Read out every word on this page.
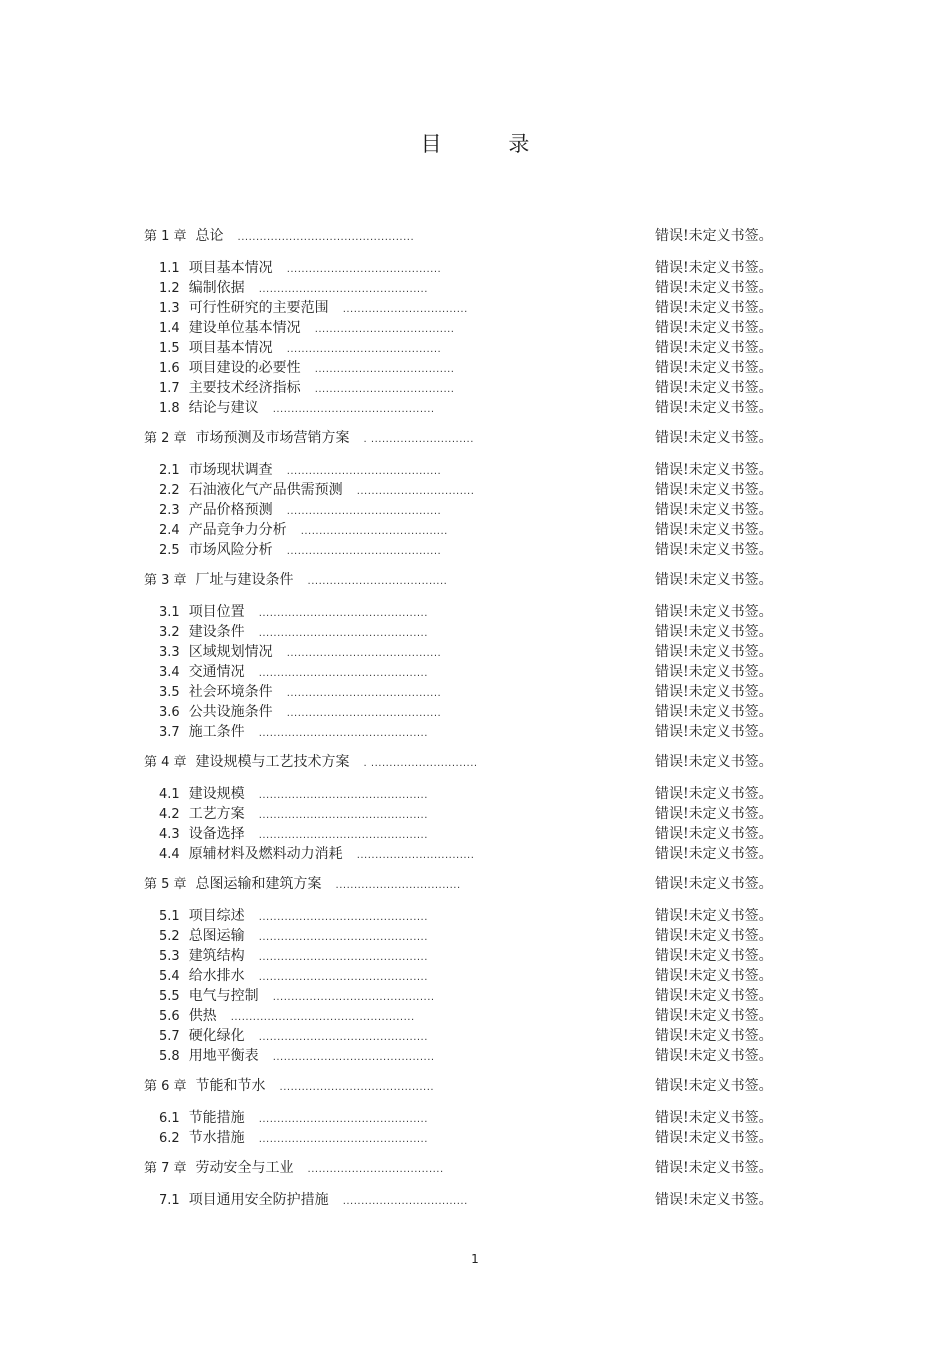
目 录
第 1 章 总论 ................................................	错误!未定义书签。
1.1 项目基本情况 ..........................................	错误!未定义书签。
1.2 编制依据 ..............................................	错误!未定义书签。
1.3 可行性研究的主要范围 ..................................	错误!未定义书签。
1.4 建设单位基本情况 ......................................	错误!未定义书签。
1.5 项目基本情况 ..........................................	错误!未定义书签。
1.6 项目建设的必要性 ......................................	错误!未定义书签。
1.7 主要技术经济指标 ......................................	错误!未定义书签。
1.8 结论与建议 ............................................	错误!未定义书签。
第 2 章 市场预测及市场营销方案 . ............................	错误!未定义书签。
2.1 市场现状调查 ..........................................	错误!未定义书签。
2.2 石油液化气产品供需预测 ................................	错误!未定义书签。
2.3 产品价格预测 ..........................................	错误!未定义书签。
2.4 产品竞争力分析 ........................................	错误!未定义书签。
2.5 市场风险分析 ..........................................	错误!未定义书签。
第 3 章 厂址与建设条件 ......................................	错误!未定义书签。
3.1 项目位置 ..............................................	错误!未定义书签。
3.2 建设条件 ..............................................	错误!未定义书签。
3.3 区域规划情况 ..........................................	错误!未定义书签。
3.4 交通情况 ..............................................	错误!未定义书签。
3.5 社会环境条件 ..........................................	错误!未定义书签。
3.6 公共设施条件 ..........................................	错误!未定义书签。
3.7 施工条件 ..............................................	错误!未定义书签。
第 4 章 建设规模与工艺技术方案 . .............................	错误!未定义书签。
4.1 建设规模 ..............................................	错误!未定义书签。
4.2 工艺方案 ..............................................	错误!未定义书签。
4.3 设备选择 ..............................................	错误!未定义书签。
4.4 原辅材料及燃料动力消耗 ................................	错误!未定义书签。
第 5 章 总图运输和建筑方案 ..................................	错误!未定义书签。
5.1 项目综述 ..............................................	错误!未定义书签。
5.2 总图运输 ..............................................	错误!未定义书签。
5.3 建筑结构 ..............................................	错误!未定义书签。
5.4 给水排水 ..............................................	错误!未定义书签。
5.5 电气与控制 ............................................	错误!未定义书签。
5.6 供热 ..................................................	错误!未定义书签。
5.7 硬化绿化 ..............................................	错误!未定义书签。
5.8 用地平衡表 ............................................	错误!未定义书签。
第 6 章 节能和节水 ..........................................	错误!未定义书签。
6.1 节能措施 ..............................................	错误!未定义书签。
6.2 节水措施 ..............................................	错误!未定义书签。
第 7 章 劳动安全与工业 .....................................	错误!未定义书签。
7.1 项目通用安全防护措施 ..................................	错误!未定义书签。
1
